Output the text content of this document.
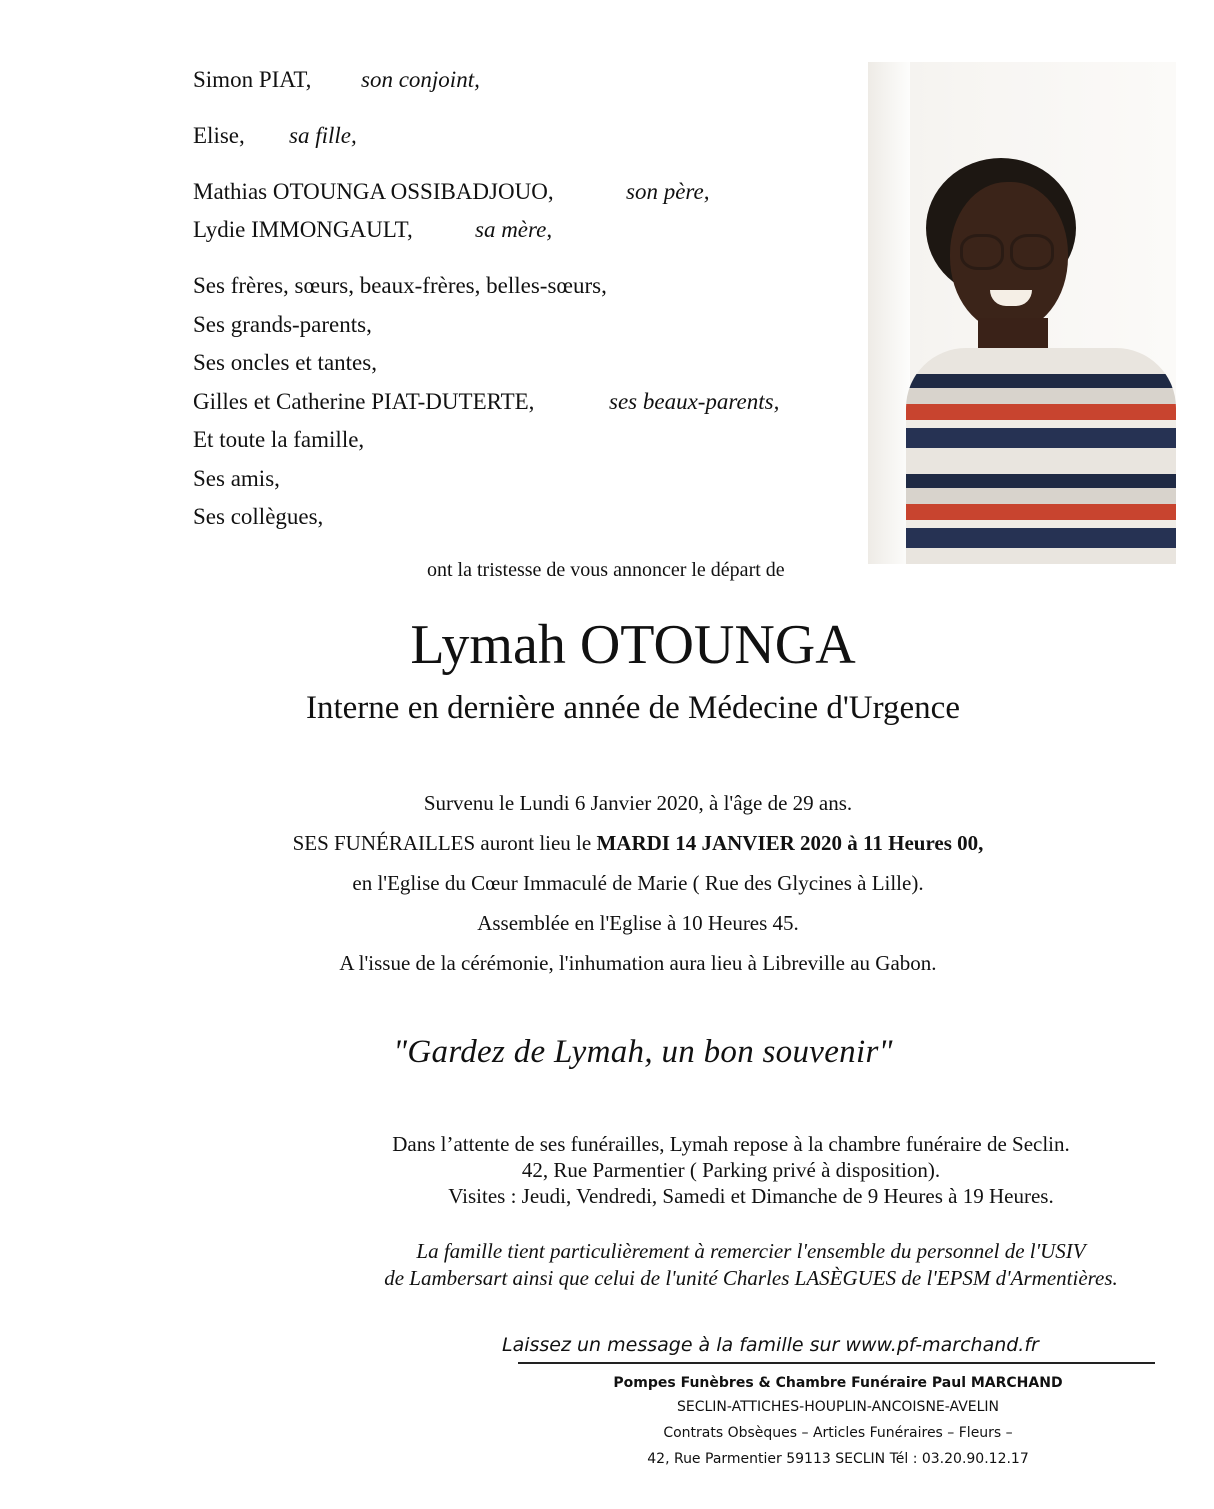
Simon PIAT, son conjoint,
Elise, sa fille,
Mathias OTOUNGA OSSIBADJOUO,	son père,
Lydie IMMONGAULT,	sa mère,
Ses frères, sœurs, beaux-frères, belles-sœurs,
Ses grands-parents,
Ses oncles et tantes,
Gilles et Catherine PIAT-DUTERTE,	ses beaux-parents,
Et toute la famille,
Ses amis,
Ses collègues,
ont la tristesse de vous annoncer le départ de
Lymah OTOUNGA
Interne en dernière année de Médecine d'Urgence
Survenu le Lundi 6 Janvier 2020, à l'âge de 29 ans.
SES FUNÉRAILLES auront lieu le MARDI 14 JANVIER 2020 à 11 Heures 00,
en l'Eglise du Cœur Immaculé de Marie ( Rue des Glycines à Lille).
Assemblée en l'Eglise à 10 Heures 45.
A l'issue de la cérémonie, l'inhumation aura lieu à Libreville au Gabon.
"Gardez de Lymah, un bon souvenir"
Dans l’attente de ses funérailles, Lymah repose à la chambre funéraire de Seclin.
42, Rue Parmentier ( Parking privé à disposition).
Visites : Jeudi, Vendredi, Samedi et Dimanche de 9 Heures à 19 Heures.
La famille tient particulièrement à remercier l'ensemble du personnel de l'USIV
de Lambersart ainsi que celui de l'unité Charles LASÈGUES de l'EPSM d'Armentières.
Laissez un message à la famille sur www.pf-marchand.fr
Pompes Funèbres & Chambre Funéraire Paul MARCHAND
SECLIN-ATTICHES-HOUPLIN-ANCOISNE-AVELIN
Contrats Obsèques – Articles Funéraires – Fleurs –
42, Rue Parmentier 59113 SECLIN Tél : 03.20.90.12.17
